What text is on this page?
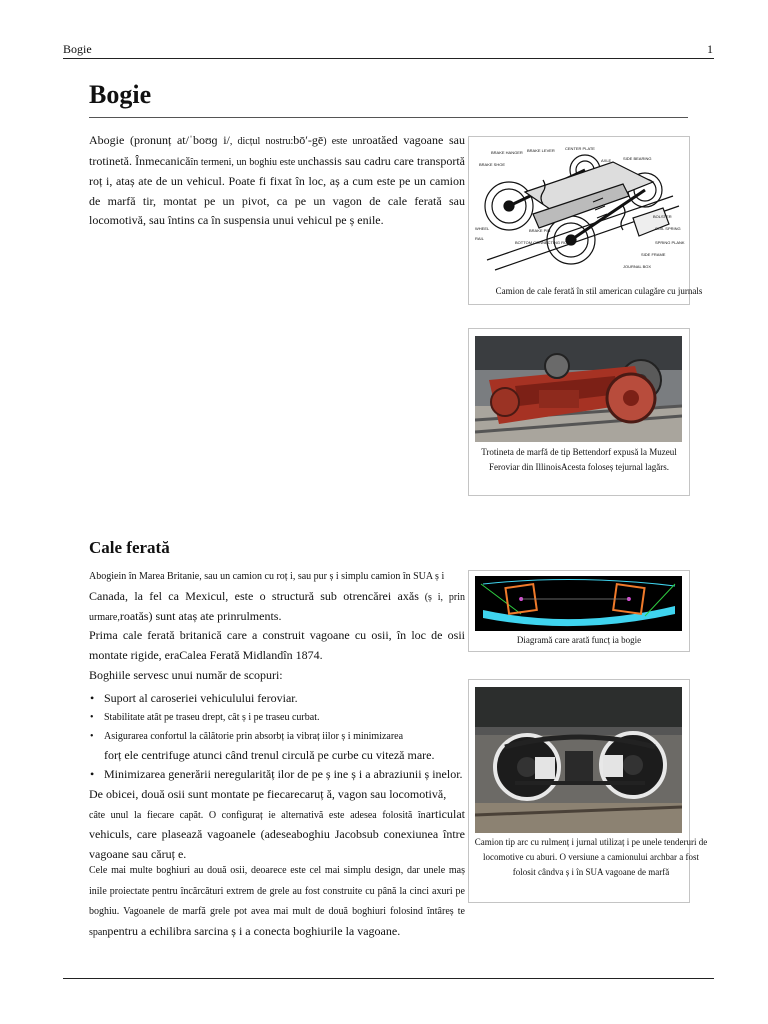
Bogie	1
Bogie

Abogie (pronunț at/ˈboʊɡ i/, dicțul nostru:bō′-gē) este unroatăed vagoane sau trotinetă. Înmecanicăîn termeni, un boghiu este unchassis sau cadru care transportă roț i, ataș ate de un vehicul. Poate fi fixat în loc, aș a cum este pe un camion de marfă tir, montat pe un pivot, ca pe un vagon de cale ferată sau locomotivă, sau întins ca în suspensia unui vehicul pe ș enile.

BRAKE HANGER BRAKE LEVER	CENTER PLATE
AXLE	SIDE BEARING
BRAKE SHOE
BOLSTER
COIL SPRING
SPRING PLANK
WHEEL
RAIL
BRAKE PIN
BOTTOM CONNECTING ROD
SIDE FRAME
JOURNAL BOX
Camion de cale ferată în stil american culagăre cu jurnals
Trotineta de marfă de tip Bettendorf expusă la Muzeul Feroviar din IllinoisAcesta foloseș tejurnal lagărs.
Diagramă care arată funcț ia bogie
Camion tip arc cu rulmenț i jurnal utilizaț i pe unele tenderuri de locomotive cu aburi. O versiune a camionului archbar a fost folosit cândva ș i în SUA vagoane de marfă
Cale ferată

Abogiein în Marea Britanie, sau un camion cu roț i, sau pur ș i simplu camion în SUA ș i
Canada, la fel ca Mexicul, este o structură sub otrencărei axăs (ș i, prin urmare,roatăs) sunt ataș ate prinrulments.

Prima cale ferată britanică care a construit vagoane cu osii, în loc de osii montate rigide, eraCalea Ferată Midlandîn 1874.

Boghiile servesc unui număr de scopuri:

• Suport al caroseriei vehiculului feroviar.
• Stabilitate atât pe traseu drept, cât ș i pe traseu curbat.
• Asigurarea confortul la călătorie prin absorbț ia vibraț iilor ș i minimizarea
forț ele centrifuge atunci când trenul circulă pe curbe cu viteză mare.
• Minimizarea generării neregularităț ilor de pe ș ine ș i a abraziunii ș inelor.

De obicei, două osii sunt montate pe fiecarecaruț ă, vagon sau locomotivă,
câte unul la fiecare capăt. O configuraț ie alternativă este adesea folosită înarticulat vehiculs, care plasează vagoanele (adeseaboghiu Jacobsub conexiunea între vagoane sau căruț e.

Cele mai multe boghiuri au două osii, deoarece este cel mai simplu design, dar unele maș inile proiectate pentru încărcături extrem de grele au fost construite cu până la cinci axuri pe boghiu. Vagoanele de marfă grele pot avea mai mult de două boghiuri folosind întâreș te spanpentru a echilibra sarcina ș i a conecta boghiurile la vagoane.
